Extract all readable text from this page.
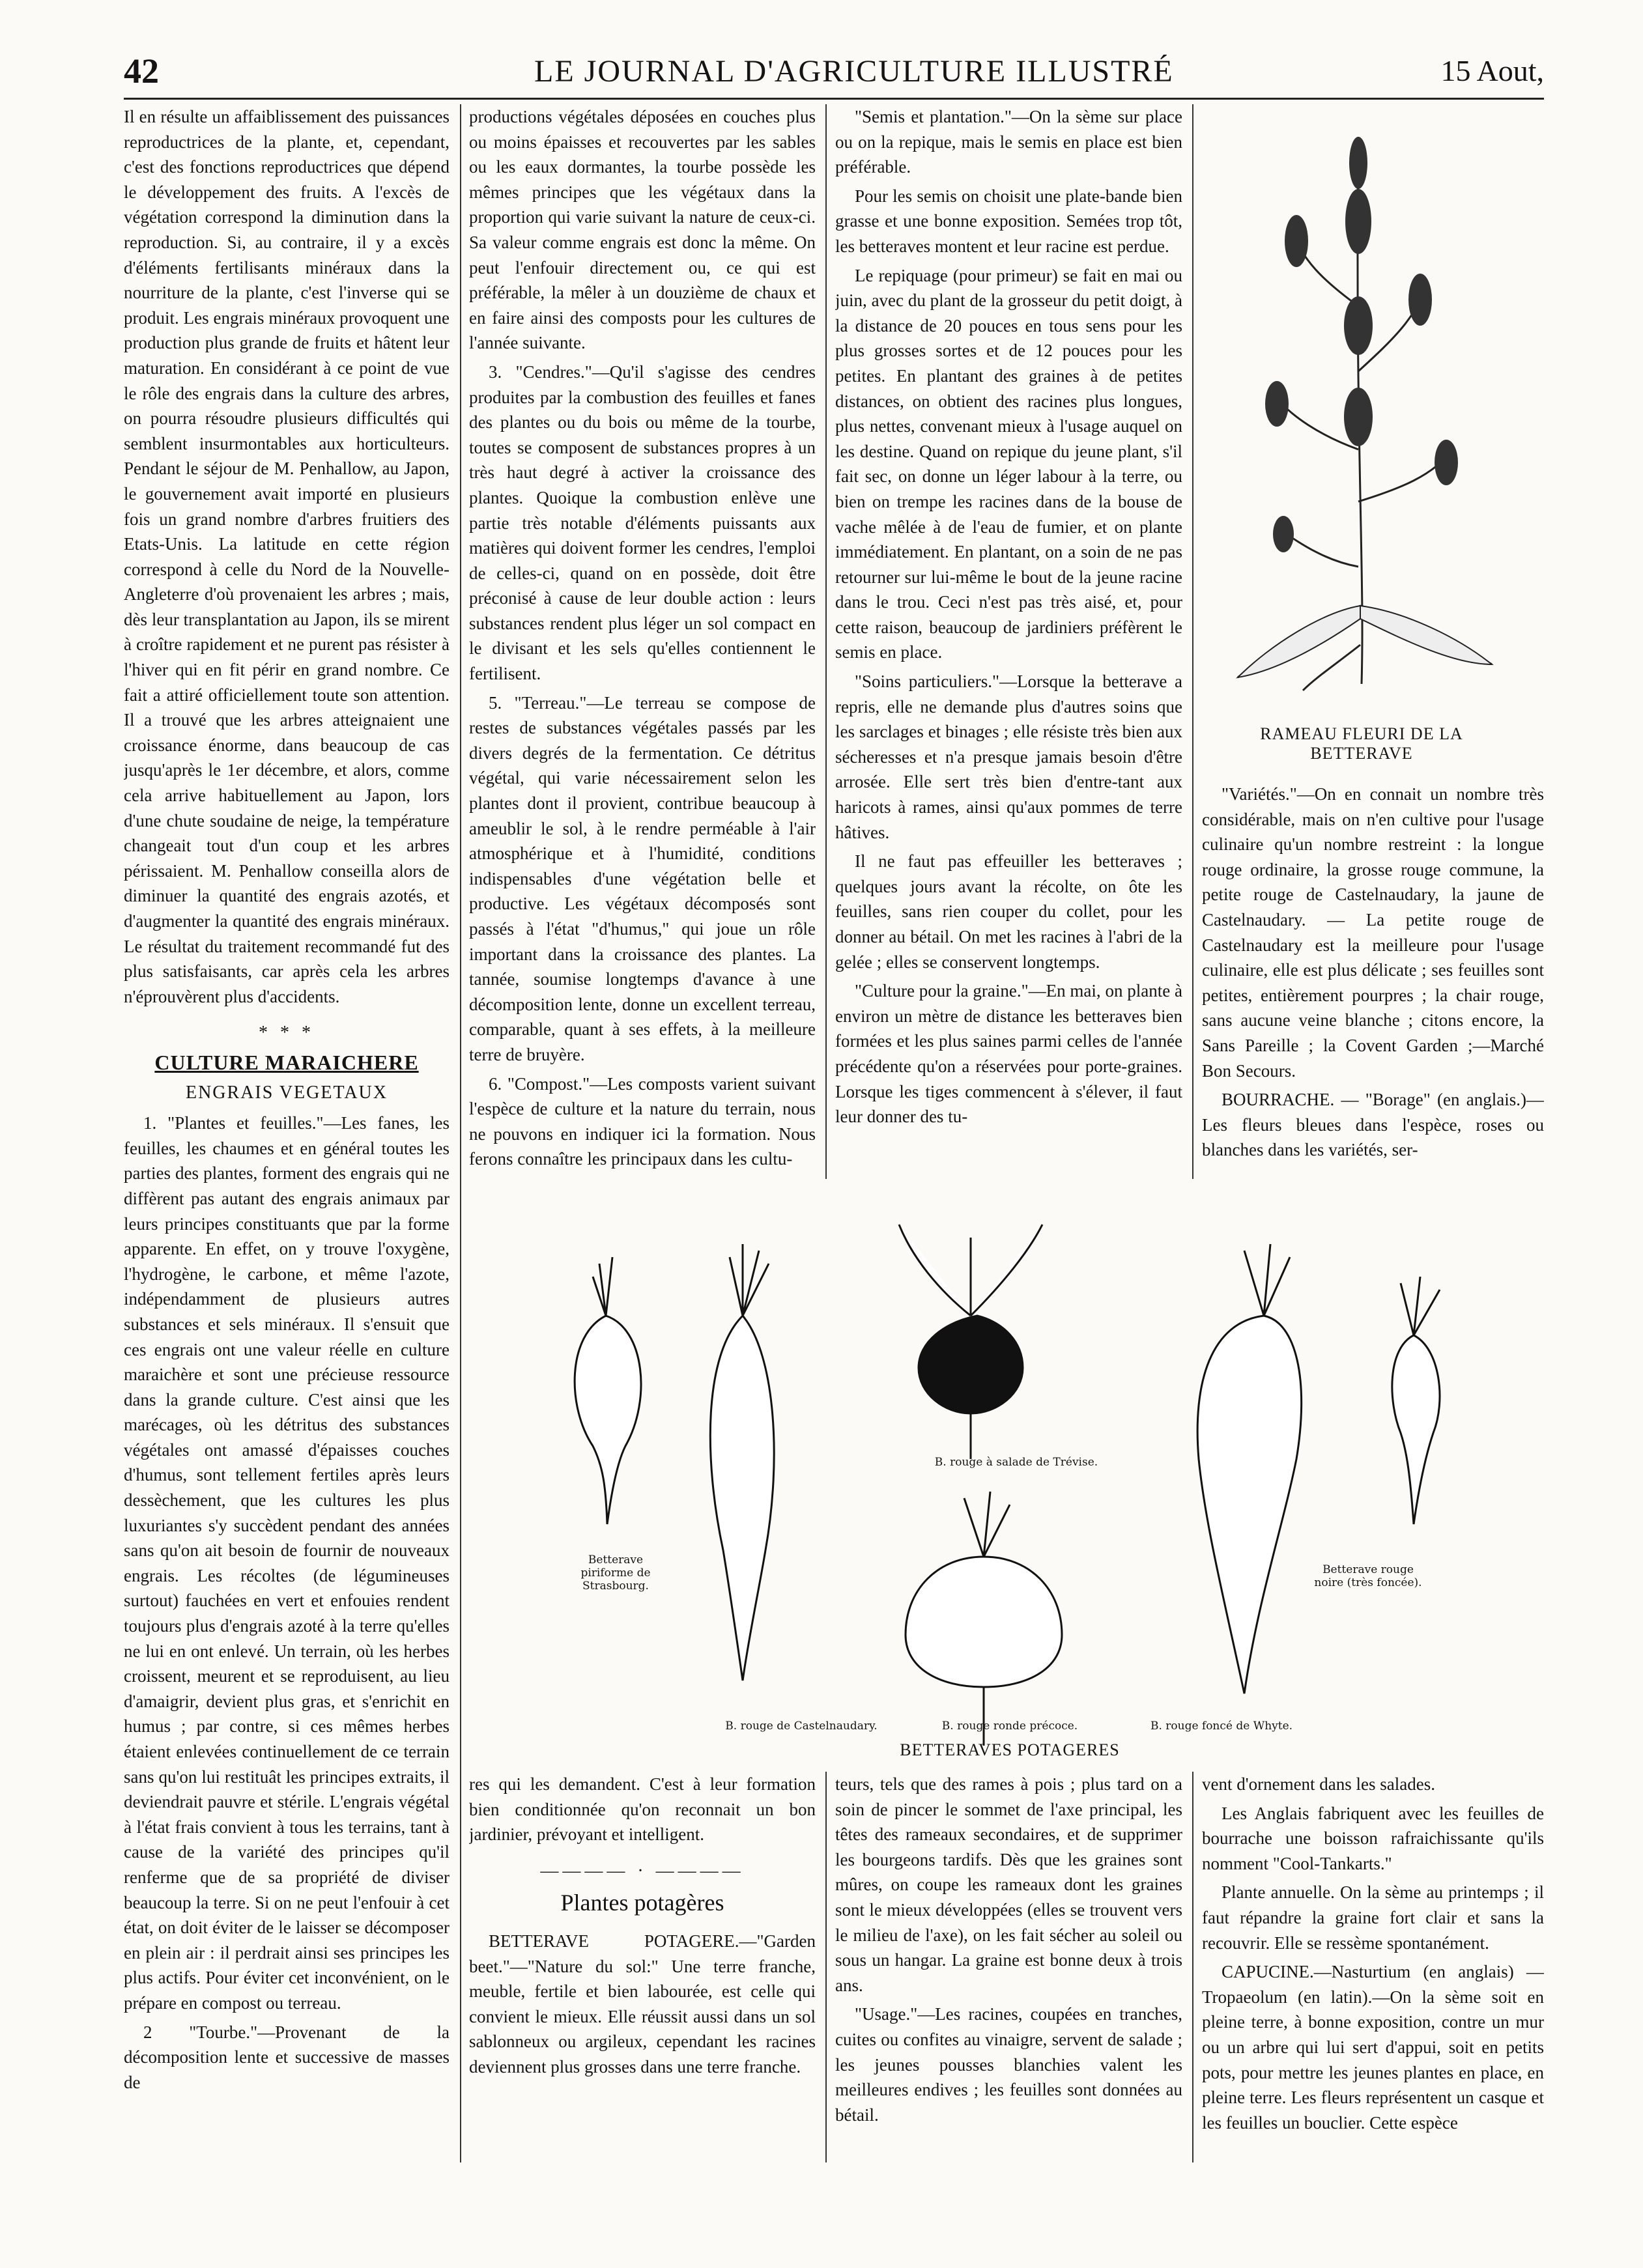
42	LE JOURNAL D'AGRICULTURE ILLUSTRÉ	15 Aout,

Il en résulte un affaiblissement des puissances reproductrices de la plante, et, cependant, c'est des fonctions reproductrices que dépend le développement des fruits. A l'excès de végétation correspond la diminution dans la reproduction. Si, au contraire, il y a excès d'éléments fertilisants minéraux dans la nourriture de la plante, c'est l'inverse qui se produit. Les engrais minéraux provoquent une production plus grande de fruits et hâtent leur maturation. En considérant à ce point de vue le rôle des engrais dans la culture des arbres, on pourra résoudre plusieurs difficultés qui semblent insurmontables aux horticulteurs. Pendant le séjour de M. Penhallow, au Japon, le gouvernement avait importé en plusieurs fois un grand nombre d'arbres fruitiers des Etats-Unis. La latitude en cette région correspond à celle du Nord de la Nouvelle-Angleterre d'où provenaient les arbres ; mais, dès leur transplantation au Japon, ils se mirent à croître rapidement et ne purent pas résister à l'hiver qui en fit périr en grand nombre. Ce fait a attiré officiellement toute son attention. Il a trouvé que les arbres atteignaient une croissance énorme, dans beaucoup de cas jusqu'après le 1er décembre, et alors, comme cela arrive habituellement au Japon, lors d'une chute soudaine de neige, la température changeait tout d'un coup et les arbres périssaient. M. Penhallow conseilla alors de diminuer la quantité des engrais azotés, et d'augmenter la quantité des engrais minéraux. Le résultat du traitement recommandé fut des plus satisfaisants, car après cela les arbres n'éprouvèrent plus d'accidents.

* * *
CULTURE MARAICHERE
ENGRAIS VEGETAUX

1. "Plantes et feuilles."—Les fanes, les feuilles, les chaumes et en général toutes les parties des plantes, forment des engrais qui ne diffèrent pas autant des engrais animaux par leurs principes constituants que par la forme apparente. En effet, on y trouve l'oxygène, l'hydrogène, le carbone, et même l'azote, indépendamment de plusieurs autres substances et sels minéraux. Il s'ensuit que ces engrais ont une valeur réelle en culture maraichère et sont une précieuse ressource dans la grande culture. C'est ainsi que les marécages, où les détritus des substances végétales ont amassé d'épaisses couches d'humus, sont tellement fertiles après leurs dessèchement, que les cultures les plus luxuriantes s'y succèdent pendant des années sans qu'on ait besoin de fournir de nouveaux engrais. Les récoltes (de légumineuses surtout) fauchées en vert et enfouies rendent toujours plus d'engrais azoté à la terre qu'elles ne lui en ont enlevé. Un terrain, où les herbes croissent, meurent et se reproduisent, au lieu d'amaigrir, devient plus gras, et s'enrichit en humus ; par contre, si ces mêmes herbes étaient enlevées continuellement de ce terrain sans qu'on lui restituât les principes extraits, il deviendrait pauvre et stérile. L'engrais végétal à l'état frais convient à tous les terrains, tant à cause de la variété des principes qu'il renferme que de sa propriété de diviser beaucoup la terre. Si on ne peut l'enfouir à cet état, on doit éviter de le laisser se décomposer en plein air : il perdrait ainsi ses principes les plus actifs. Pour éviter cet inconvénient, on le prépare en compost ou terreau.

2 "Tourbe."—Provenant de la décomposition lente et successive de masses de

productions végétales déposées en couches plus ou moins épaisses et recouvertes par les sables ou les eaux dormantes, la tourbe possède les mêmes principes que les végétaux dans la proportion qui varie suivant la nature de ceux-ci. Sa valeur comme engrais est donc la même. On peut l'enfouir directement ou, ce qui est préférable, la mêler à un douzième de chaux et en faire ainsi des composts pour les cultures de l'année suivante.

3. "Cendres."—Qu'il s'agisse des cendres produites par la combustion des feuilles et fanes des plantes ou du bois ou même de la tourbe, toutes se composent de substances propres à un très haut degré à activer la croissance des plantes. Quoique la combustion enlève une partie très notable d'éléments puissants aux matières qui doivent former les cendres, l'emploi de celles-ci, quand on en possède, doit être préconisé à cause de leur double action : leurs substances rendent plus léger un sol compact en le divisant et les sels qu'elles contiennent le fertilisent.

5. "Terreau."—Le terreau se compose de restes de substances végétales passés par les divers degrés de la fermentation. Ce détritus végétal, qui varie nécessairement selon les plantes dont il provient, contribue beaucoup à ameublir le sol, à le rendre perméable à l'air atmosphérique et à l'humidité, conditions indispensables d'une végétation belle et productive. Les végétaux décomposés sont passés à l'état "d'humus," qui joue un rôle important dans la croissance des plantes. La tannée, soumise longtemps d'avance à une décomposition lente, donne un excellent terreau, comparable, quant à ses effets, à la meilleure terre de bruyère.

6. "Compost."—Les composts varient suivant l'espèce de culture et la nature du terrain, nous ne pouvons en indiquer ici la formation. Nous ferons connaître les principaux dans les cultu-

"Semis et plantation."—On la sème sur place ou on la repique, mais le semis en place est bien préférable.

Pour les semis on choisit une plate-bande bien grasse et une bonne exposition. Semées trop tôt, les betteraves montent et leur racine est perdue.

Le repiquage (pour primeur) se fait en mai ou juin, avec du plant de la grosseur du petit doigt, à la distance de 20 pouces en tous sens pour les plus grosses sortes et de 12 pouces pour les petites. En plantant des graines à de petites distances, on obtient des racines plus longues, plus nettes, convenant mieux à l'usage auquel on les destine. Quand on repique du jeune plant, s'il fait sec, on donne un léger labour à la terre, ou bien on trempe les racines dans de la bouse de vache mêlée à de l'eau de fumier, et on plante immédiatement. En plantant, on a soin de ne pas retourner sur lui-même le bout de la jeune racine dans le trou. Ceci n'est pas très aisé, et, pour cette raison, beaucoup de jardiniers préfèrent le semis en place.

"Soins particuliers."—Lorsque la betterave a repris, elle ne demande plus d'autres soins que les sarclages et binages ; elle résiste très bien aux sécheresses et n'a presque jamais besoin d'être arrosée. Elle sert très bien d'entre-tant aux haricots à rames, ainsi qu'aux pommes de terre hâtives.

Il ne faut pas effeuiller les betteraves ; quelques jours avant la récolte, on ôte les feuilles, sans rien couper du collet, pour les donner au bétail. On met les racines à l'abri de la gelée ; elles se conservent longtemps.

"Culture pour la graine."—En mai, on plante à environ un mètre de distance les betteraves bien formées et les plus saines parmi celles de l'année précédente qu'on a réservées pour porte-graines. Lorsque les tiges commencent à s'élever, il faut leur donner des tu-

RAMEAU FLEURI DE LA BETTERAVE

"Variétés."—On en connait un nombre très considérable, mais on n'en cultive pour l'usage culinaire qu'un nombre restreint : la longue rouge ordinaire, la grosse rouge commune, la petite rouge de Castelnaudary, la jaune de Castelnaudary. — La petite rouge de Castelnaudary est la meilleure pour l'usage culinaire, elle est plus délicate ; ses feuilles sont petites, entièrement pourpres ; la chair rouge, sans aucune veine blanche ; citons encore, la Sans Pareille ; la Covent Garden ;—Marché Bon Secours.

BOURRACHE. — "Borage" (en anglais.)—Les fleurs bleues dans l'espèce, roses ou blanches dans les variétés, ser-

Betterave piriforme de Strasbourg.
B. rouge à salade de Trévise.
Betterave rouge noire (très foncée).
B. rouge de Castelnaudary.	B. rouge ronde précoce.	B. rouge foncé de Whyte.
BETTERAVES POTAGERES

res qui les demandent. C'est à leur formation bien conditionnée qu'on reconnait un bon jardinier, prévoyant et intelligent.

———— · ————
Plantes potagères

BETTERAVE POTAGERE.—"Garden beet."—"Nature du sol:" Une terre franche, meuble, fertile et bien labourée, est celle qui convient le mieux. Elle réussit aussi dans un sol sablonneux ou argileux, cependant les racines deviennent plus grosses dans une terre franche.

teurs, tels que des rames à pois ; plus tard on a soin de pincer le sommet de l'axe principal, les têtes des rameaux secondaires, et de supprimer les bourgeons tardifs. Dès que les graines sont mûres, on coupe les rameaux dont les graines sont le mieux développées (elles se trouvent vers le milieu de l'axe), on les fait sécher au soleil ou sous un hangar. La graine est bonne deux à trois ans.

"Usage."—Les racines, coupées en tranches, cuites ou confites au vinaigre, servent de salade ; les jeunes pousses blanchies valent les meilleures endives ; les feuilles sont données au bétail.

vent d'ornement dans les salades.

Les Anglais fabriquent avec les feuilles de bourrache une boisson rafraichissante qu'ils nomment "Cool-Tankarts."

Plante annuelle. On la sème au printemps ; il faut répandre la graine fort clair et sans la recouvrir. Elle se ressème spontanément.

CAPUCINE.—Nasturtium (en anglais) —Tropaeolum (en latin).—On la sème soit en pleine terre, à bonne exposition, contre un mur ou un arbre qui lui sert d'appui, soit en petits pots, pour mettre les jeunes plantes en place, en pleine terre. Les fleurs représentent un casque et les feuilles un bouclier. Cette espèce
